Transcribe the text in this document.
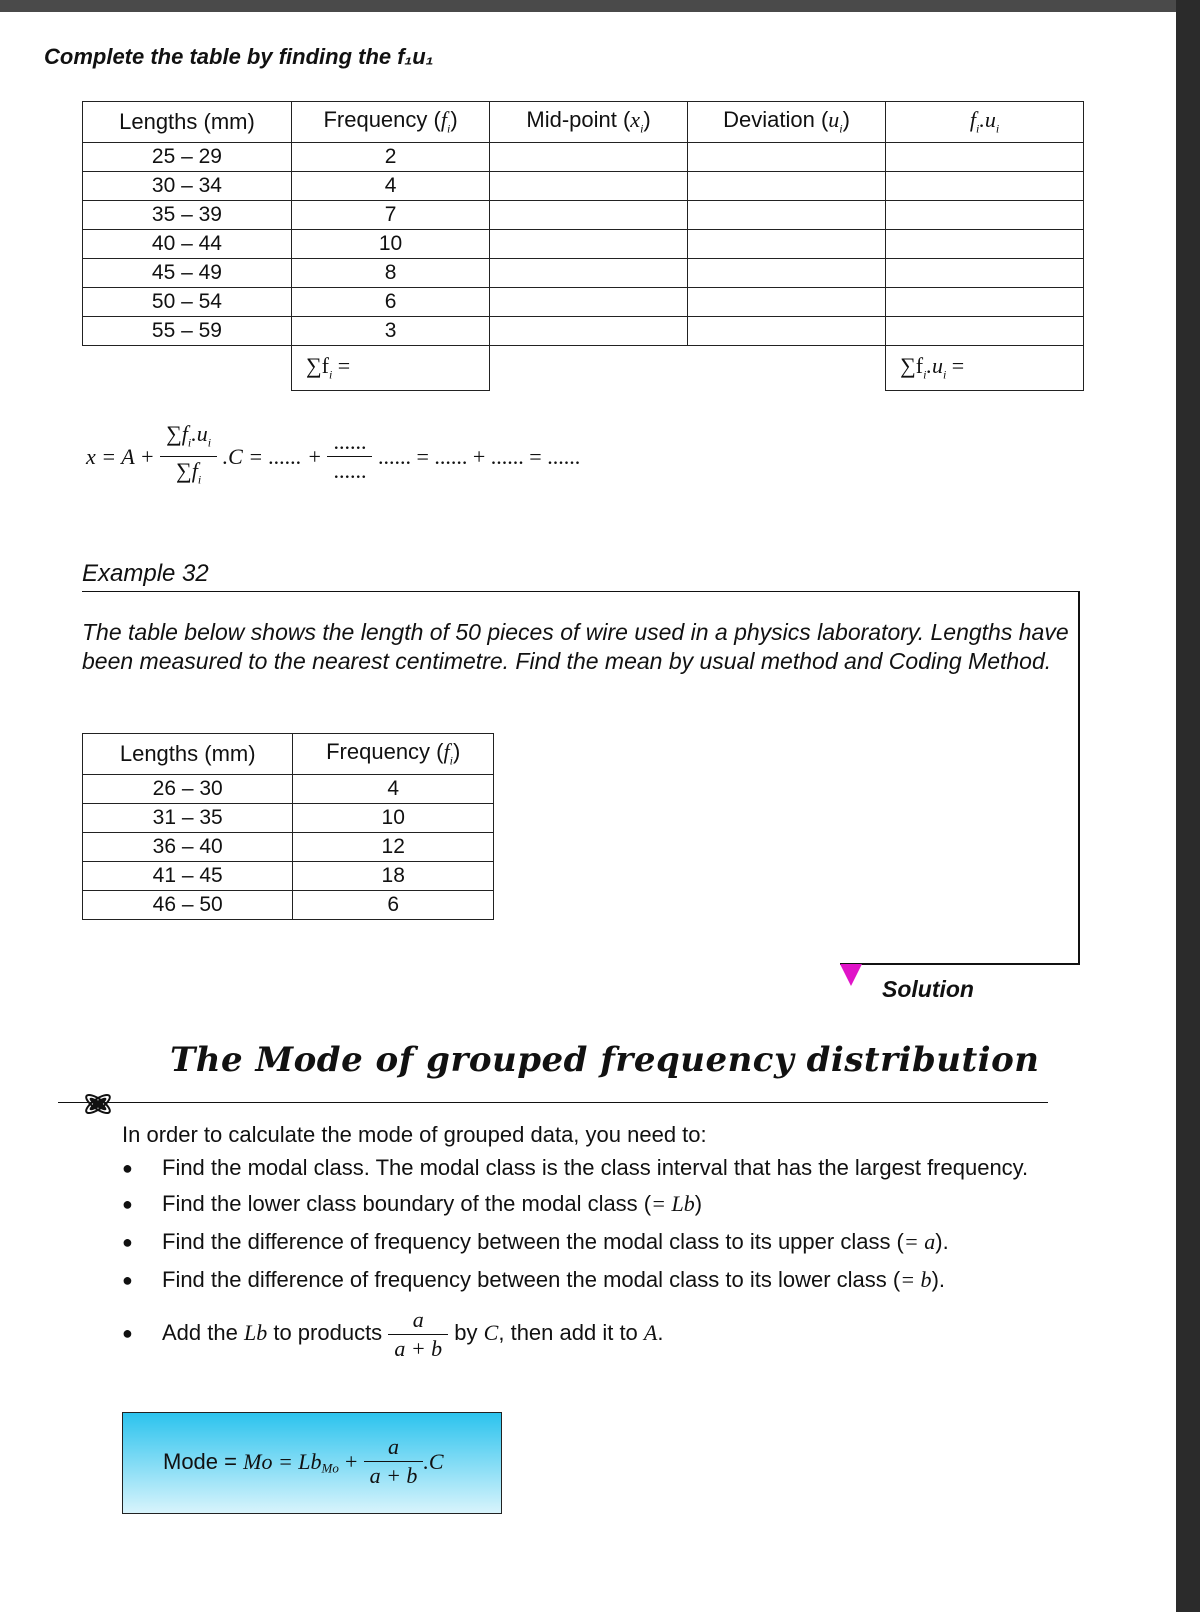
Complete the table by finding the f₁u₁
Lengths (mm)	Frequency $(f_i)$	Mid-point $(x_i)$	Deviation $(u_i)$	$f_i.u_i$
25 – 29	2			
30 – 34	4			
35 – 39	7			
40 – 44	10			
45 – 49	8			
50 – 54	6			
55 – 59	3			
	$\sum f_i$ =			$\sum f_i.u_i$ =
$x = A + \frac{\sum f_i.u_i}{\sum f_i} .C$ = ...... + $\frac{......}{......}$ ...... = ...... + ...... = ......
Example 32
The table below shows the length of 50 pieces of wire used in a physics laboratory. Lengths have been measured to the nearest centimetre. Find the mean by usual method and Coding Method.
Lengths (mm)	Frequency $(f_i)$
26 – 30	4
31 – 35	10
36 – 40	12
41 – 45	18
46 – 50	6
Solution
The Mode of grouped frequency distribution
In order to calculate the mode of grouped data, you need to:
● Find the modal class. The modal class is the class interval that has the largest frequency.
● Find the lower class boundary of the modal class (= Lb)
● Find the difference of frequency between the modal class to its upper class (= a).
● Find the difference of frequency between the modal class to its lower class (= b).
● Add the Lb to products $\frac{a}{a + b}$ by C, then add it to A.
Mode = $Mo = Lb_{Mo} + \frac{a}{a + b} .C$
